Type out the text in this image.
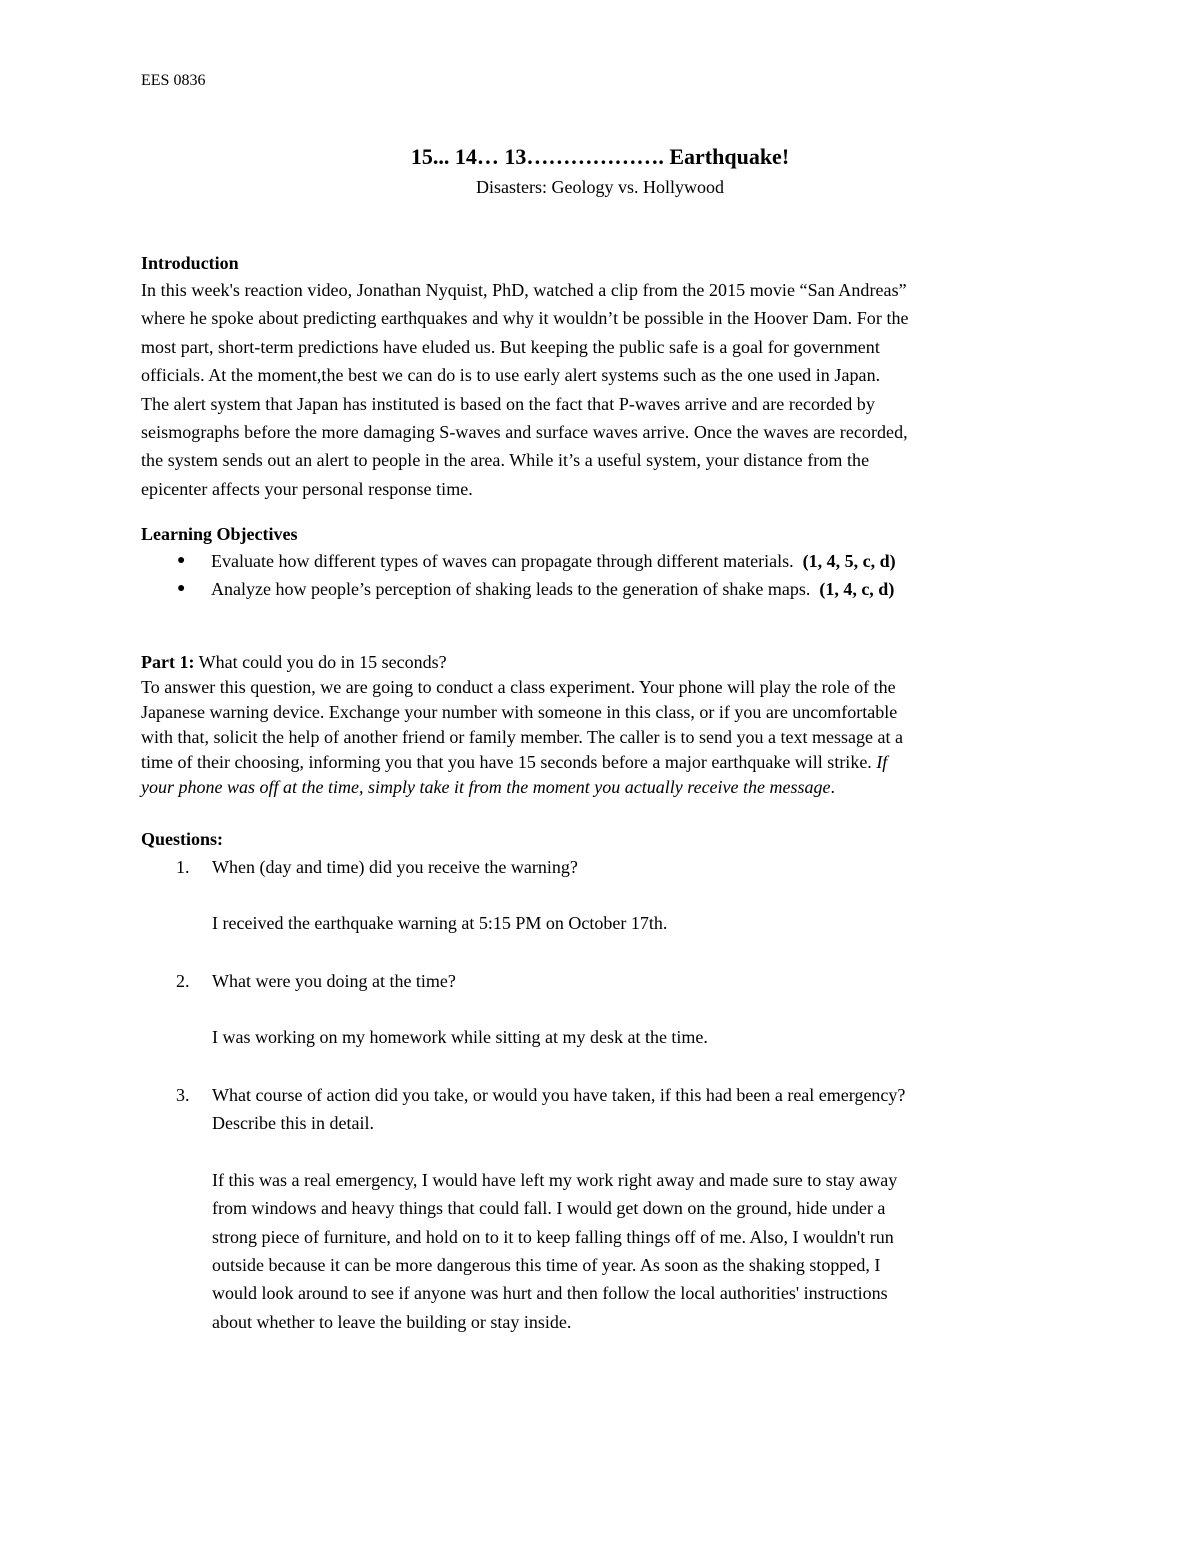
EES 0836
15... 14… 13………………. Earthquake!
Disasters: Geology vs. Hollywood
Introduction
In this week's reaction video, Jonathan Nyquist, PhD, watched a clip from the 2015 movie “San Andreas”
where he spoke about predicting earthquakes and why it wouldn’t be possible in the Hoover Dam. For the
most part, short-term predictions have eluded us. But keeping the public safe is a goal for government
officials. At the moment,the best we can do is to use early alert systems such as the one used in Japan.
The alert system that Japan has instituted is based on the fact that P-waves arrive and are recorded by
seismographs before the more damaging S-waves and surface waves arrive. Once the waves are recorded,
the system sends out an alert to people in the area. While it’s a useful system, your distance from the
epicenter affects your personal response time.
Learning Objectives
● Evaluate how different types of waves can propagate through different materials. (1, 4, 5, c, d)
● Analyze how people’s perception of shaking leads to the generation of shake maps. (1, 4, c, d)
Part 1: What could you do in 15 seconds?
To answer this question, we are going to conduct a class experiment. Your phone will play the role of the
Japanese warning device. Exchange your number with someone in this class, or if you are uncomfortable
with that, solicit the help of another friend or family member. The caller is to send you a text message at a
time of their choosing, informing you that you have 15 seconds before a major earthquake will strike. If
your phone was off at the time, simply take it from the moment you actually receive the message.
Questions:
1. When (day and time) did you receive the warning?
I received the earthquake warning at 5:15 PM on October 17th.
2. What were you doing at the time?
I was working on my homework while sitting at my desk at the time.
3. What course of action did you take, or would you have taken, if this had been a real emergency?
Describe this in detail.
If this was a real emergency, I would have left my work right away and made sure to stay away
from windows and heavy things that could fall. I would get down on the ground, hide under a
strong piece of furniture, and hold on to it to keep falling things off of me. Also, I wouldn't run
outside because it can be more dangerous this time of year. As soon as the shaking stopped, I
would look around to see if anyone was hurt and then follow the local authorities' instructions
about whether to leave the building or stay inside.
